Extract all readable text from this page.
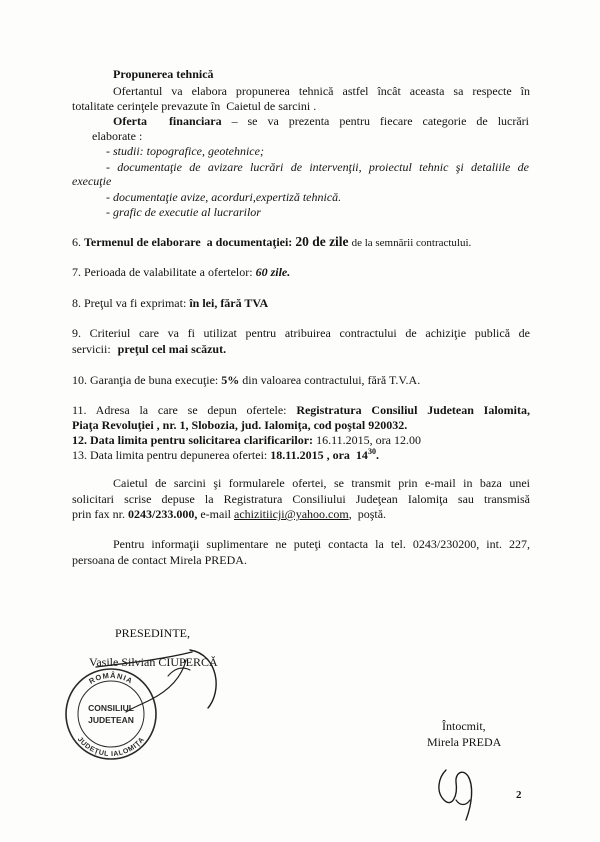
Propunerea tehnică
Ofertantul va elabora propunerea tehnică astfel încât aceasta sa respecte în
totalitate cerinţele prevazute în  Caietul de sarcini .
Oferta financiara – se va prezenta pentru fiecare categorie de lucrări
elaborate :
- studii: topografice, geotehnice;
- documentaţie de avizare lucrări de intervenţii, proiectul tehnic şi detaliile de
execuţie
- documentaţie avize, acorduri,expertiză tehnică.
- grafic de executie al lucrarilor
6. Termenul de elaborare  a documentaţiei: 20 de zile de la semnării contractului.
7. Perioada de valabilitate a ofertelor: 60 zile.
8. Preţul va fi exprimat: în lei, fără TVA
9. Criteriul care va fi utilizat pentru atribuirea contractului de achiziţie publică de
servicii: preţul cel mai scăzut.
10. Garanţia de buna execuţie: 5% din valoarea contractului, fără T.V.A.
11. Adresa la care se depun ofertele: Registratura Consiliul Judetean Ialomita,
Piaţa Revoluţiei , nr. 1, Slobozia, jud. Ialomiţa, cod poştal 920032.
12. Data limita pentru solicitarea clarificarilor: 16.11.2015, ora 12.00
13. Data limita pentru depunerea ofertei: 18.11.2015 , ora  $14^{30}$.
Caietul de sarcini şi formularele ofertei, se transmit prin e-mail in baza unei
solicitari scrise depuse la Registratura Consiliului Judeţean Ialomiţa sau transmisă
prin fax nr. 0243/233.000, e-mail achizitiicji@yahoo.com,  poştă.
Pentru informaţii suplimentare ne puteţi contacta la tel. 0243/230200, int. 227,
persoana de contact Mirela PREDA.
PRESEDINTE,
Vasile Silvian CIUPERCĂ
Întocmit,
Mirela PREDA
2
ROMÂNIA
CONSILIUL
JUDETEAN
JUDEŢUL IALOMIŢA
